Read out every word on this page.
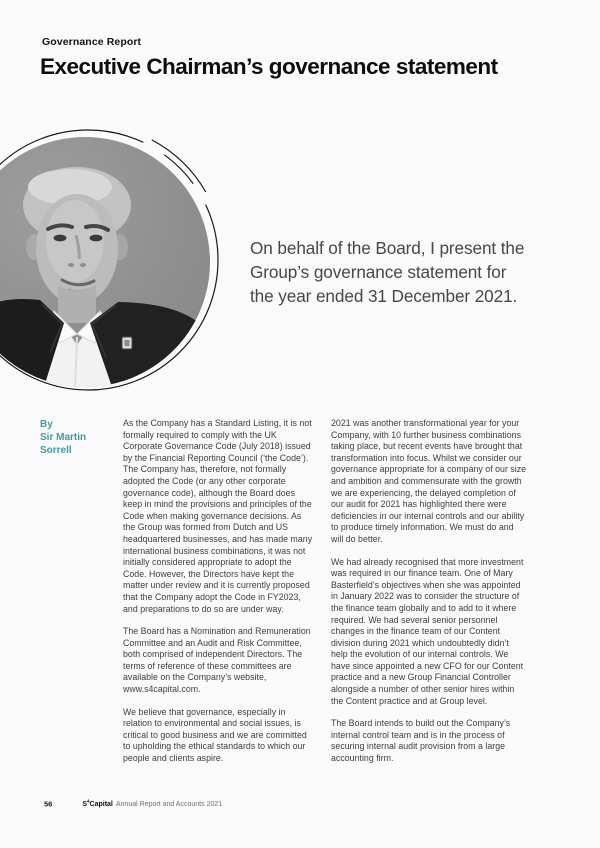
Governance Report
Executive Chairman’s governance statement
On behalf of the Board, I present the
Group’s governance statement for
the year ended 31 December 2021.
By
Sir Martin
Sorrell

As the Company has a Standard Listing, it is not formally required to comply with the UK Corporate Governance Code (July 2018) issued by the Financial Reporting Council (‘the Code’). The Company has, therefore, not formally adopted the Code (or any other corporate governance code), although the Board does keep in mind the provisions and principles of the Code when making governance decisions. As the Group was formed from Dutch and US headquartered businesses, and has made many international business combinations, it was not initially considered appropriate to adopt the Code. However, the Directors have kept the matter under review and it is currently proposed that the Company adopt the Code in FY2023, and preparations to do so are under way.

The Board has a Nomination and Remuneration Committee and an Audit and Risk Committee, both comprised of independent Directors. The terms of reference of these committees are available on the Company’s website, www.s4capital.com.

We believe that governance, especially in relation to environmental and social issues, is critical to good business and we are committed to upholding the ethical standards to which our people and clients aspire.

2021 was another transformational year for your Company, with 10 further business combinations taking place, but recent events have brought that transformation into focus. Whilst we consider our governance appropriate for a company of our size and ambition and commensurate with the growth we are experiencing, the delayed completion of our audit for 2021 has highlighted there were deficiencies in our internal controls and our ability to produce timely information. We must do and will do better.

We had already recognised that more investment was required in our finance team. One of Mary Basterfield’s objectives when she was appointed in January 2022 was to consider the structure of the finance team globally and to add to it where required. We had several senior personnel changes in the finance team of our Content division during 2021 which undoubtedly didn’t help the evolution of our internal controls. We have since appointed a new CFO for our Content practice and a new Group Financial Controller alongside a number of other senior hires within the Content practice and at Group level.

The Board intends to build out the Company’s internal control team and is in the process of securing internal audit provision from a large accounting firm.

56	$S^4Capital$ Annual Report and Accounts 2021
